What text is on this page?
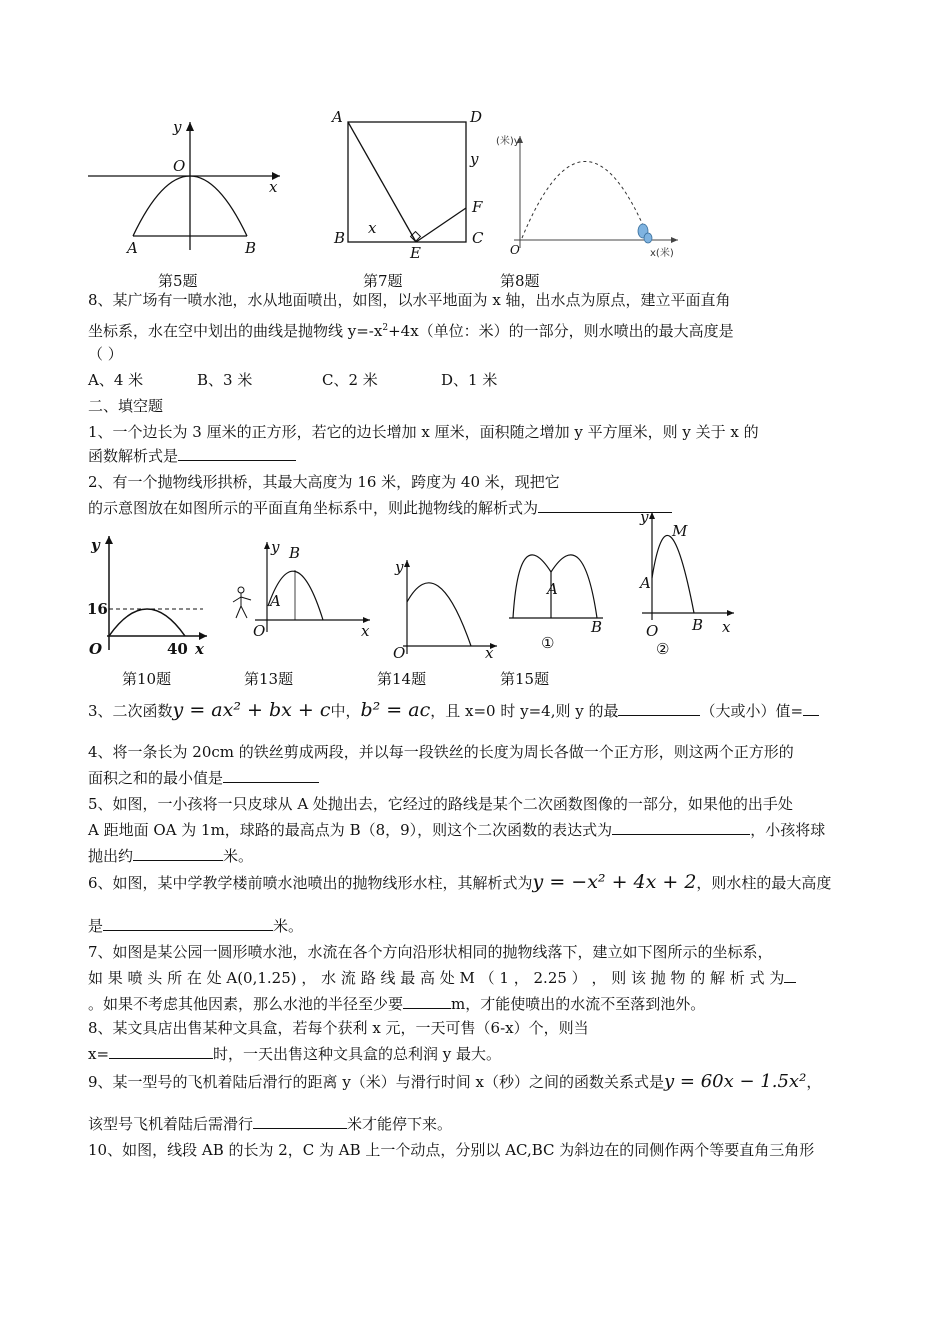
y
O
x
A	B
第5题
A	D
y
F
B
x
E
C
第7题
(米)y
O	x(米)
第8题
8、某广场有一喷水池，水从地面喷出，如图，以水平地面为 x 轴，出水点为原点，建立平面直角
坐标系，水在空中划出的曲线是抛物线 $y=-x^2+4x$（单位：米）的一部分，则水喷出的最大高度是
（ ）
A、4 米	B、3 米	C、2 米	D、1 米
二、填空题
1、一个边长为 3 厘米的正方形，若它的边长增加 x 厘米，面积随之增加 y 平方厘米，则 y 关于 x 的
函数解析式是
2、有一个抛物线形拱桥，其最大高度为 16 米，跨度为 40 米，现把它
的示意图放在如图所示的平面直角坐标系中，则此抛物线的解析式为
y
16
O	40 x
第10题
y B
A
O	x
第13题
y
O	x
第14题
A
B
①
第15题
y
M
A
O B x
②
3、二次函数y = ax² + bx + c中，b² = ac，且 x=0 时 y=4,则 y 的最	（大或小）值=
4、将一条长为 20cm 的铁丝剪成两段，并以每一段铁丝的长度为周长各做一个正方形，则这两个正方形的
面积之和的最小值是
5、如图，一小孩将一只皮球从 A 处抛出去，它经过的路线是某个二次函数图像的一部分，如果他的出手处
A 距地面 OA 为 1m，球路的最高点为 B（8，9），则这个二次函数的表达式为	，小孩将球
抛出约	米。
6、如图，某中学教学楼前喷水池喷出的抛物线形水柱，其解析式为y = −x² + 4x + 2，则水柱的最大高度
是	米。
7、如图是某公园一圆形喷水池，水流在各个方向沿形状相同的抛物线落下，建立如下图所示的坐标系，
如 果 喷 头 所 在 处 A(0,1.25) ， 水 流 路 线 最 高 处 M （ 1 ， 2.25 ） ， 则 该 抛 物 的 解 析 式 为
。如果不考虑其他因素，那么水池的半径至少要	m，才能使喷出的水流不至落到池外。
8、某文具店出售某种文具盒，若每个获利 x 元，一天可售（6-x）个，则当
x=	时，一天出售这种文具盒的总利润 y 最大。
9、某一型号的飞机着陆后滑行的距离 y（米）与滑行时间 x（秒）之间的函数关系式是y = 60x − 1.5x²，
该型号飞机着陆后需滑行	米才能停下来。
10、如图，线段 AB 的长为 2，C 为 AB 上一个动点，分别以 AC,BC 为斜边在的同侧作两个等要直角三角形
